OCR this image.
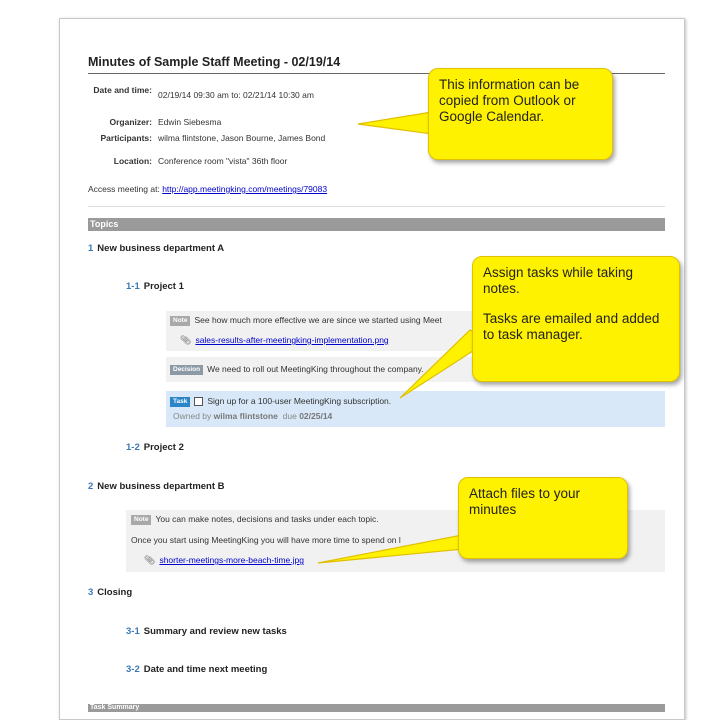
Minutes of Sample Staff Meeting - 02/19/14
Date and time: 02/19/14 09:30 am to: 02/21/14 10:30 am
Organizer: Edwin Siebesma
Participants: wilma flintstone, Jason Bourne, James Bond
Location: Conference room "vista" 36th floor
Access meeting at: http://app.meetingking.com/meetings/79083
Topics
1 New business department A
1-1 Project 1
Note See how much more effective we are since we started using Meet
📎︎ sales-results-after-meetingking-implementation.png
Decision We need to roll out MeetingKing throughout the company.
Task Sign up for a 100-user MeetingKing subscription.
Owned by wilma flintstone due 02/25/14
1-2 Project 2
2 New business department B
Note You can make notes, decisions and tasks under each topic.
Once you start using MeetingKing you will have more time to spend on l
📎︎ shorter-meetings-more-beach-time.jpg
3 Closing
3-1 Summary and review new tasks
3-2 Date and time next meeting
Task Summary
This information can be copied from Outlook or Google Calendar.
Assign tasks while taking notes.
Tasks are emailed and added to task manager.
Attach files to your minutes
